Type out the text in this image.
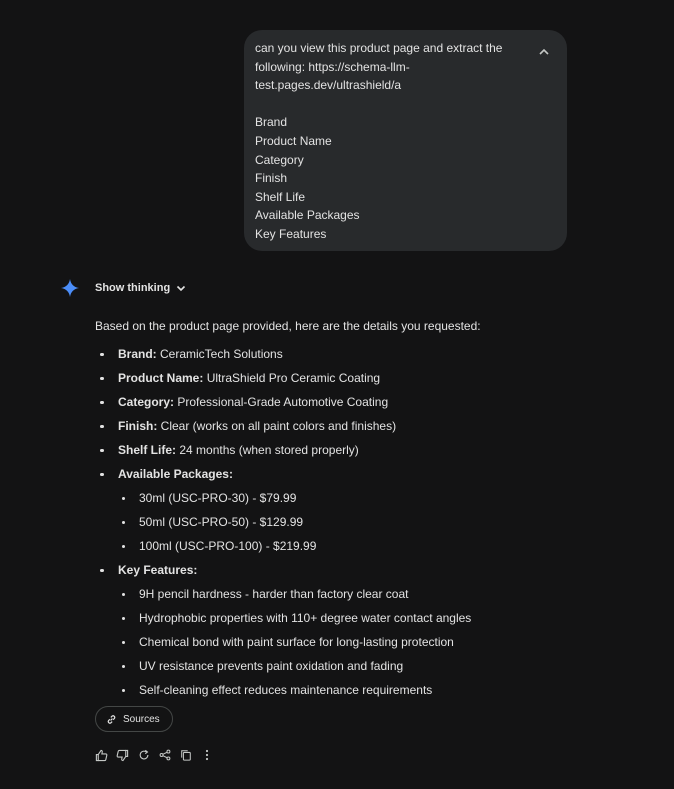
can you view this product page and extract the
following: https://schema-llm-
test.pages.dev/ultrashield/a
Brand
Product Name
Category
Finish
Shelf Life
Available Packages
Key Features
Show thinking
Based on the product page provided, here are the details you requested:
Brand: CeramicTech Solutions
Product Name: UltraShield Pro Ceramic Coating
Category: Professional-Grade Automotive Coating
Finish: Clear (works on all paint colors and finishes)
Shelf Life: 24 months (when stored properly)
Available Packages:
30ml (USC-PRO-30) - $79.99
50ml (USC-PRO-50) - $129.99
100ml (USC-PRO-100) - $219.99
Key Features:
9H pencil hardness - harder than factory clear coat
Hydrophobic properties with 110+ degree water contact angles
Chemical bond with paint surface for long-lasting protection
UV resistance prevents paint oxidation and fading
Self-cleaning effect reduces maintenance requirements
Sources
